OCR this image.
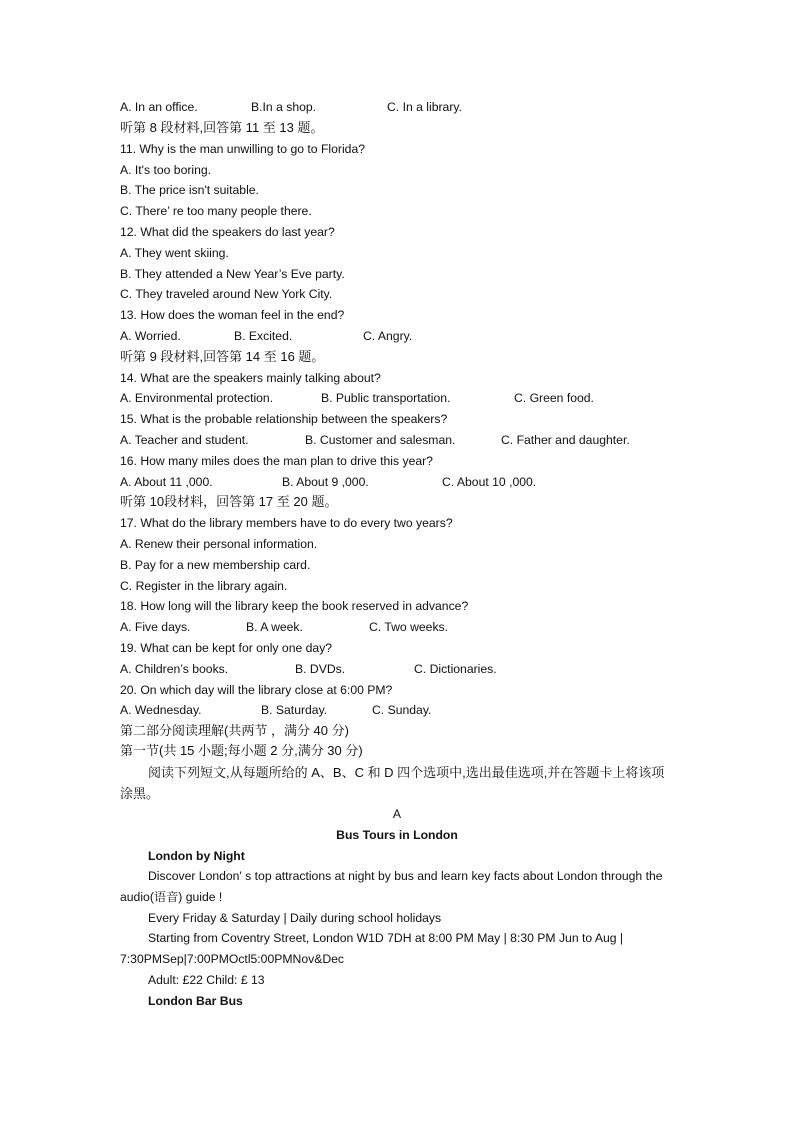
A. In an office.	B.In a shop.	C. In a library.
听第 8 段材料,回答第 11 至 13 题。
11. Why is the man unwilling to go to Florida?
A. It's too boring.
B. The price isn't suitable.
C. There’ re too many people there.
12. What did the speakers do last year?
A. They went skiing.
B. They attended a New Year’s Eve party.
C. They traveled around New York City.
13. How does the woman feel in the end?
A. Worried.	B. Excited.	C. Angry.
听第 9 段材料,回答第 14 至 16 题。
14. What are the speakers mainly talking about?
A. Environmental protection.	B. Public transportation.	C. Green food.
15. What is the probable relationship between the speakers?
A. Teacher and student.	B. Customer and salesman.	C. Father and daughter.
16. How many miles does the man plan to drive this year?
A. About 11 ,000.	B. About 9 ,000.	C. About 10 ,000.
听第 10段材料，回答第 17 至 20 题。
17. What do the library members have to do every two years?
A. Renew their personal information.
B. Pay for a new membership card.
C. Register in the library again.
18. How long will the library keep the book reserved in advance?
A. Five days.	B. A week.	C. Two weeks.
19. What can be kept for only one day?
A. Children’s books.	B. DVDs.	C. Dictionaries.
20. On which day will the library close at 6:00 PM?
A. Wednesday.	B. Saturday.	C. Sunday.
第二部分阅读理解(共两节 ，满分 40 分)
第一节(共 15 小题;每小题 2 分,满分 30 分)
阅读下列短文,从每题所给的 A、B、C 和 D 四个选项中,选出最佳选项,并在答题卡上将该项涂黑。
A
Bus Tours in London
London by Night
Discover London' s top attractions at night by bus and learn key facts about London through the audio(语音) guide !
Every Friday & Saturday | Daily during school holidays
Starting from Coventry Street, London W1D 7DH at 8:00 PM May | 8:30 PM Jun to Aug | 7:30PMSep|7:00PMOctl5:00PMNov&Dec
Adult: £22 Child: £ 13
London Bar Bus
